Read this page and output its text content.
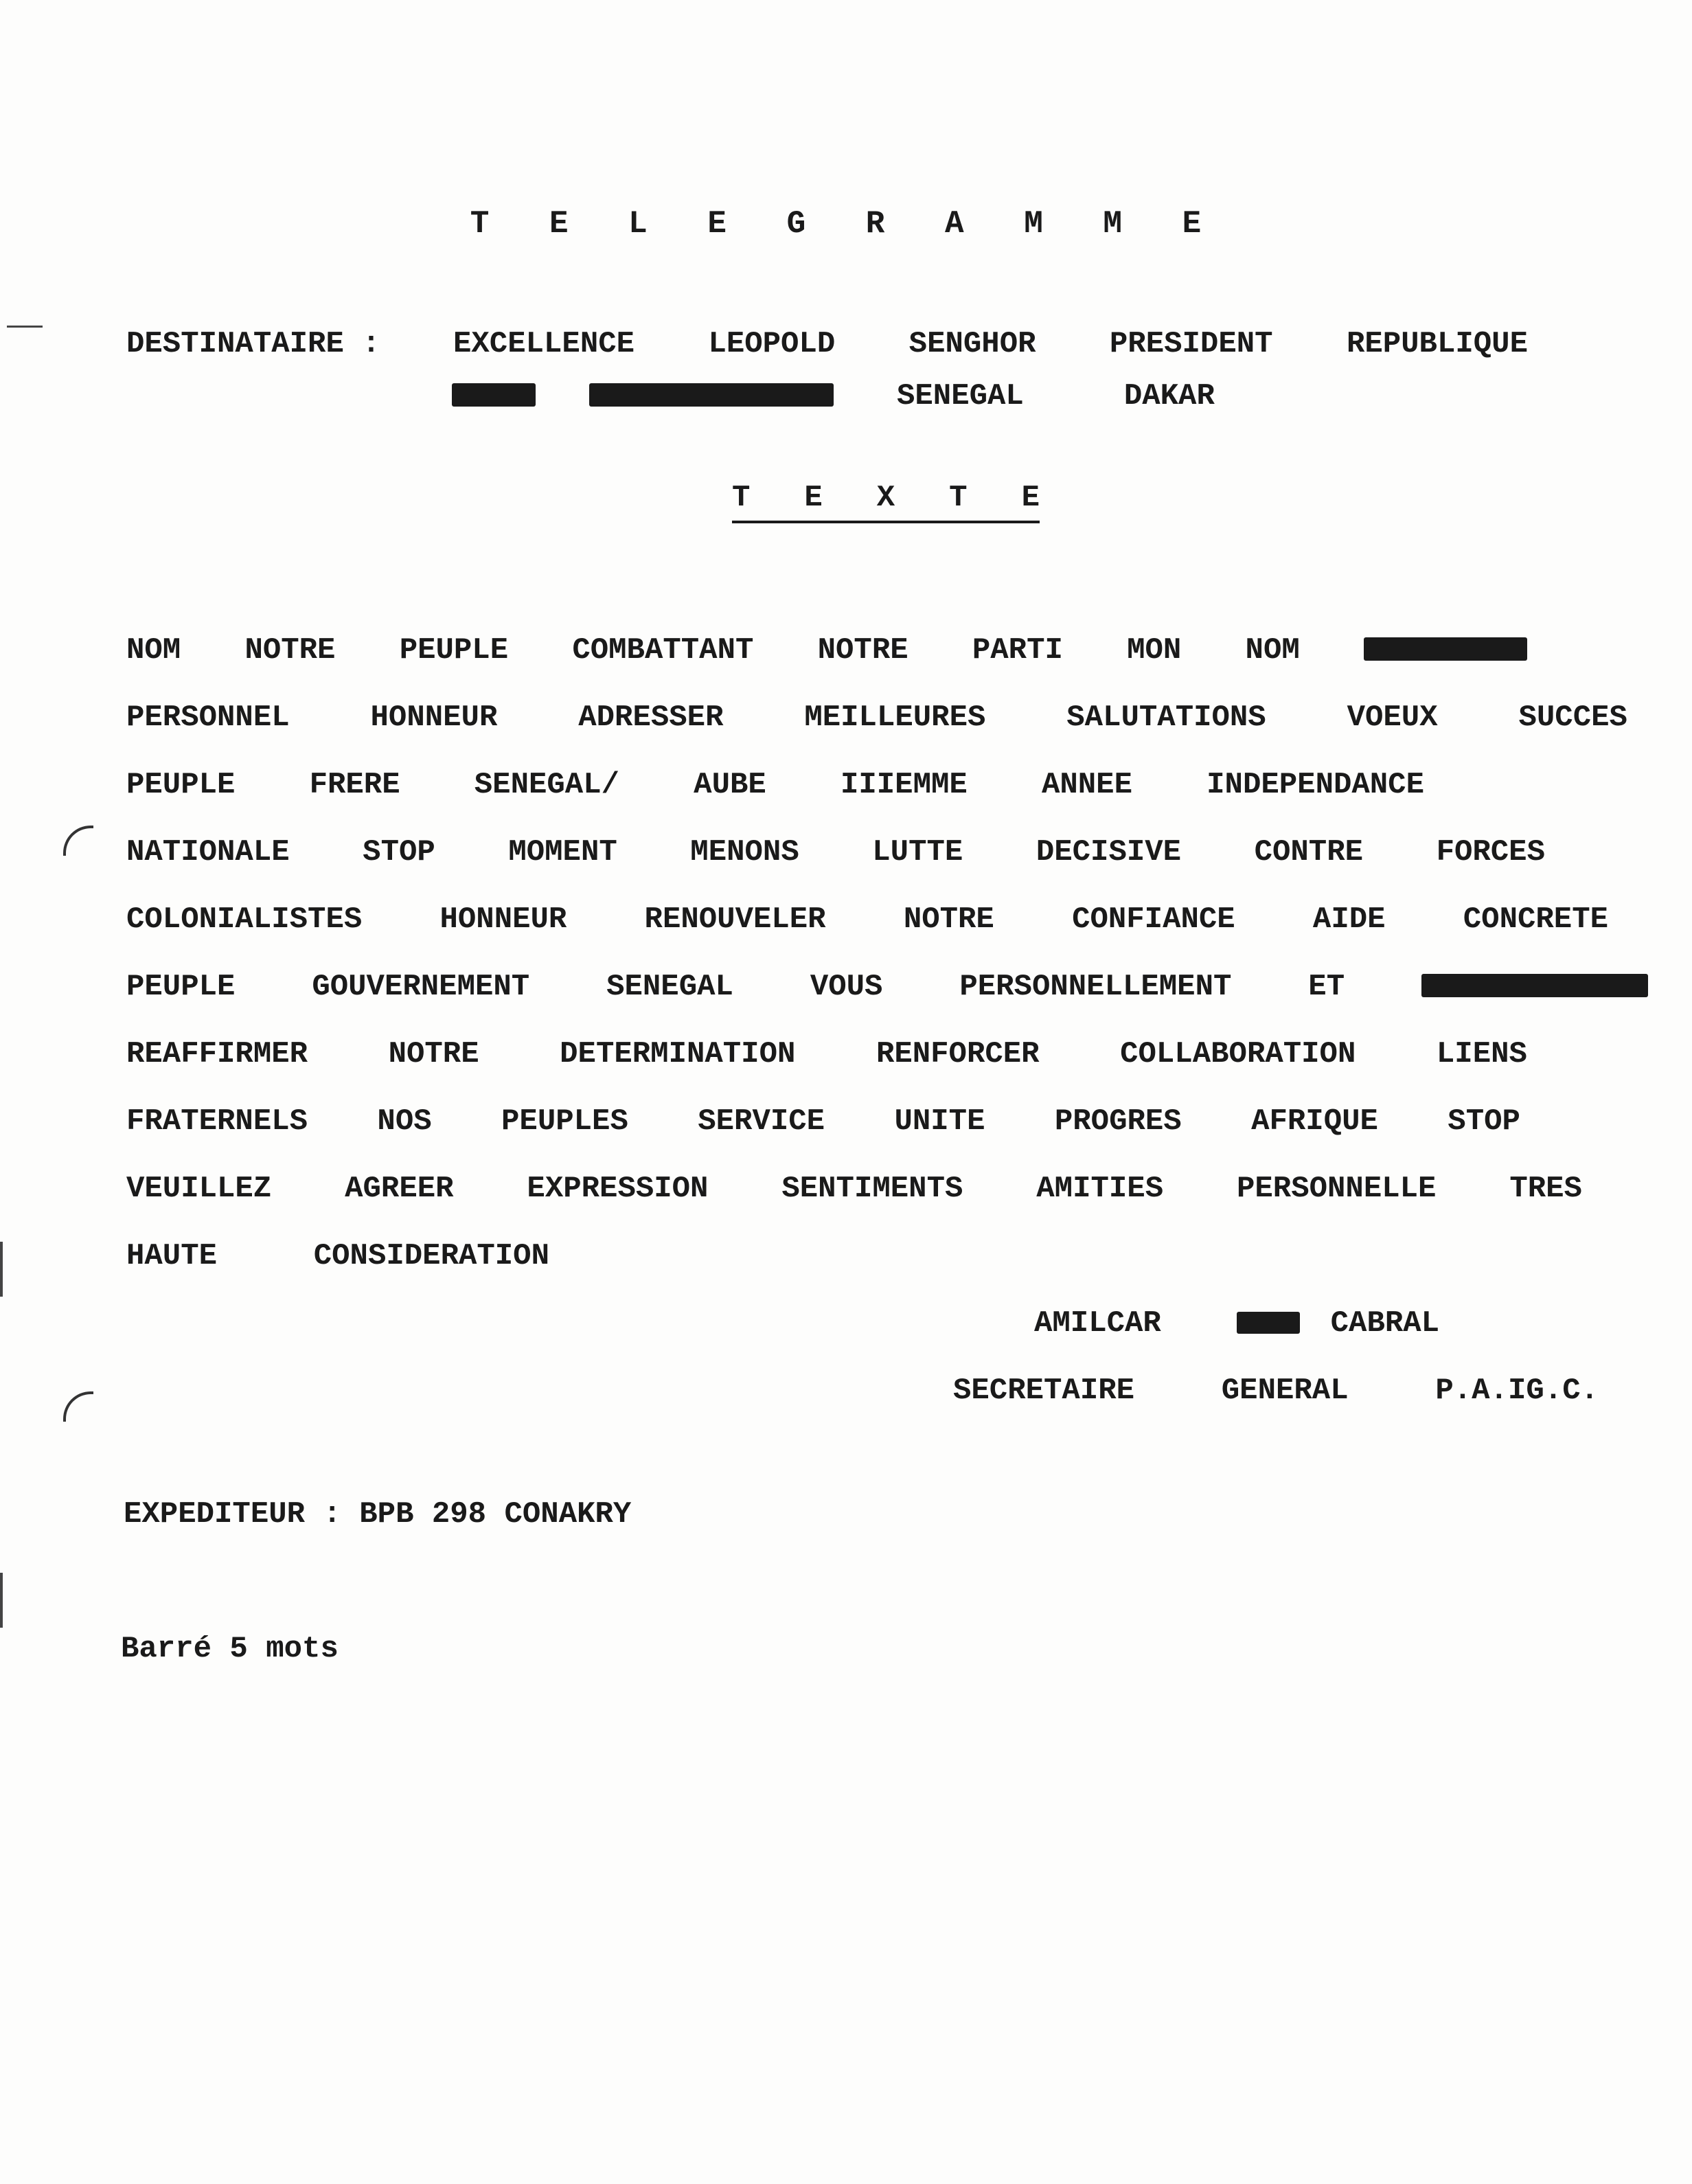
T E L E G R A M M E
DESTINATAIRE : EXCELLENCE LEOPOLD SENGHOR PRESIDENT REPUBLIQUE
SENEGAL	DAKAR
T E X T E
NOM NOTRE PEUPLE COMBATTANT NOTRE PARTI MON NOM
PERSONNEL	HONNEUR	ADRESSER	MEILLEURES	SALUTATIONS	VOEUX	SUCCES
PEUPLE FRERE SENEGAL/ AUBE IIIEMME ANNEE INDEPENDANCE
NATIONALE STOP MOMENT MENONS LUTTE DECISIVE CONTRE FORCES
COLONIALISTES	HONNEUR	RENOUVELER	NOTRE	CONFIANCE	AIDE	CONCRETE
PEUPLE	GOUVERNEMENT	SENEGAL	VOUS	PERSONNELLEMENT	ET
REAFFIRMER	NOTRE	DETERMINATION	RENFORCER	COLLABORATION	LIENS
FRATERNELS NOS PEUPLES SERVICE UNITE PROGRES AFRIQUE STOP
VEUILLEZ AGREER EXPRESSION SENTIMENTS AMITIES PERSONNELLE TRES
HAUTE	CONSIDERATION
AMILCAR	CABRAL
SECRETAIRE	GENERAL	P.A.IG.C.
EXPEDITEUR : BPB 298 CONAKRY
Barré 5 mots
